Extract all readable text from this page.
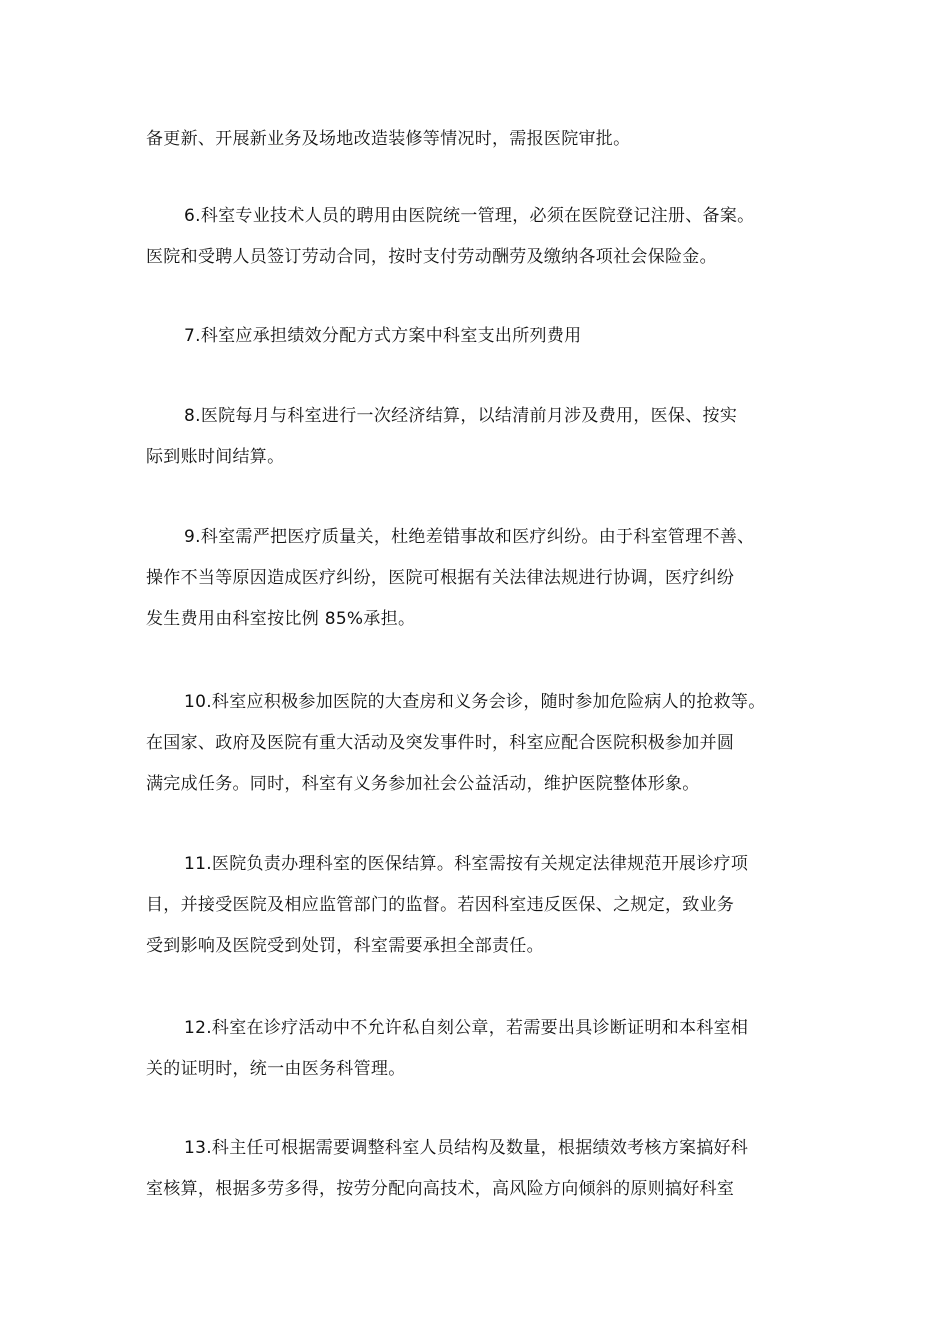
备更新、开展新业务及场地改造装修等情况时，需报医院审批。
6.科室专业技术人员的聘用由医院统一管理，必须在医院登记注册、备案。
医院和受聘人员签订劳动合同，按时支付劳动酬劳及缴纳各项社会保险金。
7.科室应承担绩效分配方式方案中科室支出所列费用
8.医院每月与科室进行一次经济结算，以结清前月涉及费用，医保、按实
际到账时间结算。
9.科室需严把医疗质量关，杜绝差错事故和医疗纠纷。由于科室管理不善、
操作不当等原因造成医疗纠纷，医院可根据有关法律法规进行协调，医疗纠纷
发生费用由科室按比例 85%承担。
10.科室应积极参加医院的大查房和义务会诊，随时参加危险病人的抢救等。
在国家、政府及医院有重大活动及突发事件时，科室应配合医院积极参加并圆
满完成任务。同时，科室有义务参加社会公益活动，维护医院整体形象。
11.医院负责办理科室的医保结算。科室需按有关规定法律规范开展诊疗项
目，并接受医院及相应监管部门的监督。若因科室违反医保、之规定，致业务
受到影响及医院受到处罚，科室需要承担全部责任。
12.科室在诊疗活动中不允许私自刻公章，若需要出具诊断证明和本科室相
关的证明时，统一由医务科管理。
13.科主任可根据需要调整科室人员结构及数量，根据绩效考核方案搞好科
室核算，根据多劳多得，按劳分配向高技术，高风险方向倾斜的原则搞好科室
